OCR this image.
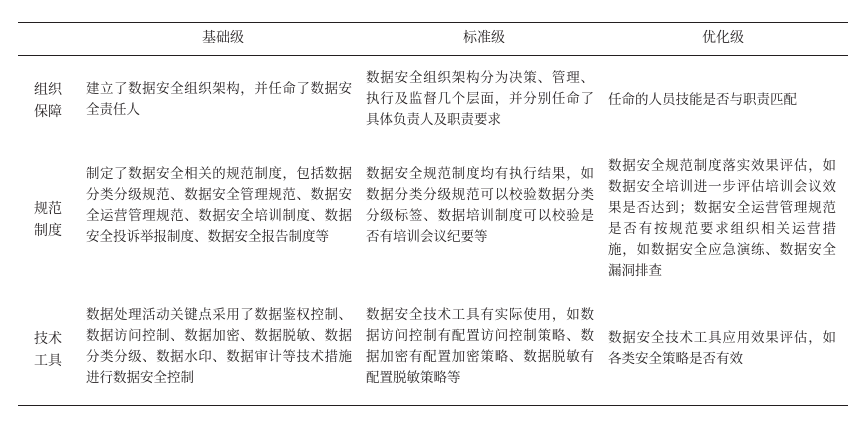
基础级	标准级	优化级
组织
保障
建立了数据安全组织架构，并任命了数据安全责任人
数据安全组织架构分为决策、管理、执行及监督几个层面，并分别任命了具体负责人及职责要求
任命的人员技能是否与职责匹配
规范
制度
制定了数据安全相关的规范制度，包括数据分类分级规范、数据安全管理规范、数据安全运营管理规范、数据安全培训制度、数据安全投诉举报制度、数据安全报告制度等
数据安全规范制度均有执行结果，如数据分类分级规范可以校验数据分类分级标签、数据培训制度可以校验是否有培训会议纪要等
数据安全规范制度落实效果评估，如数据安全培训进一步评估培训会议效果是否达到；数据安全运营管理规范是否有按规范要求组织相关运营措施，如数据安全应急演练、数据安全漏洞排查
技术
工具
数据处理活动关键点采用了数据鉴权控制、数据访问控制、数据加密、数据脱敏、数据分类分级、数据水印、数据审计等技术措施进行数据安全控制
数据安全技术工具有实际使用，如数据访问控制有配置访问控制策略、数据加密有配置加密策略、数据脱敏有配置脱敏策略等
数据安全技术工具应用效果评估，如各类安全策略是否有效
